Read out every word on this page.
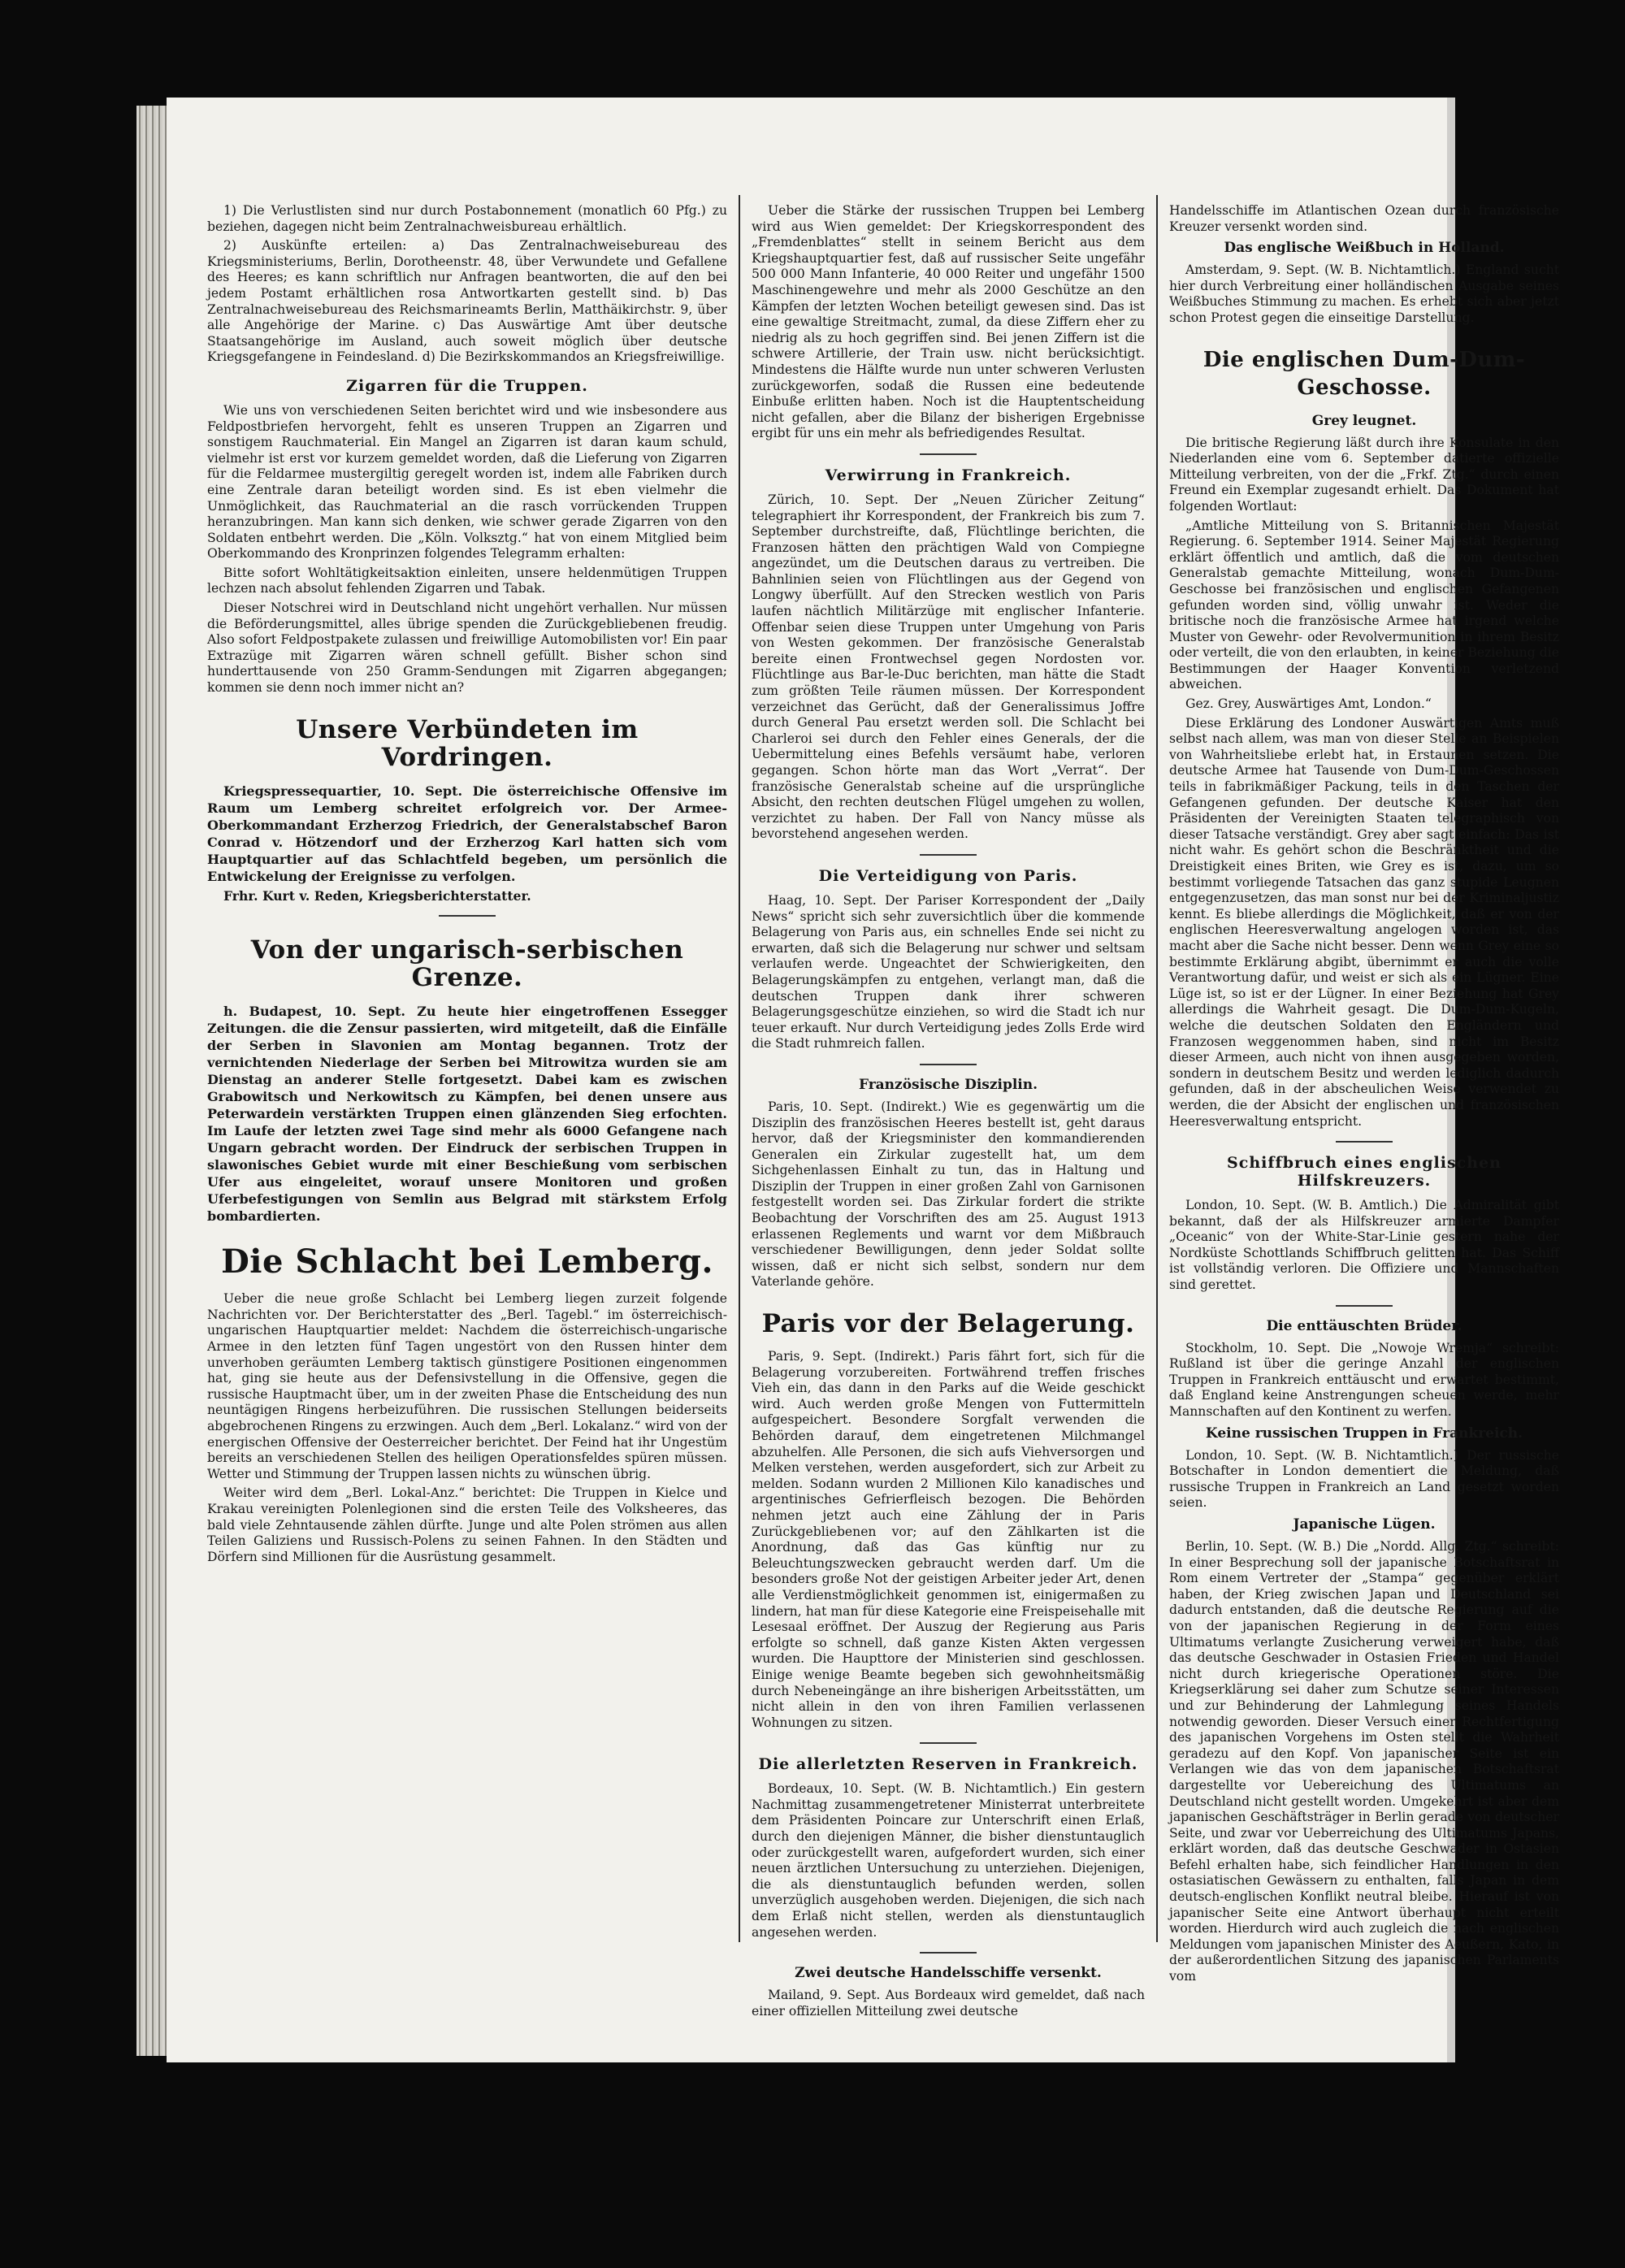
1) Die Verlustlisten sind nur durch Postabonnement (monatlich 60 Pfg.) zu beziehen, dagegen nicht beim Zentralnachweisbureau erhältlich.

2) Auskünfte erteilen: a) Das Zentralnachweisebureau des Kriegsministeriums, Berlin, Dorotheenstr. 48, über Verwundete und Gefallene des Heeres; es kann schriftlich nur Anfragen beantworten, die auf den bei jedem Postamt erhältlichen rosa Antwortkarten gestellt sind. b) Das Zentralnachweisebureau des Reichsmarineamts Berlin, Matthäikirchstr. 9, über alle Angehörige der Marine. c) Das Auswärtige Amt über deutsche Staatsangehörige im Ausland, auch soweit möglich über deutsche Kriegsgefangene in Feindesland. d) Die Bezirkskommandos an Kriegsfreiwillige.

Zigarren für die Truppen.

Wie uns von verschiedenen Seiten berichtet wird und wie insbesondere aus Feldpostbriefen hervorgeht, fehlt es unseren Truppen an Zigarren und sonstigem Rauchmaterial. Ein Mangel an Zigarren ist daran kaum schuld, vielmehr ist erst vor kurzem gemeldet worden, daß die Lieferung von Zigarren für die Feldarmee mustergiltig geregelt worden ist, indem alle Fabriken durch eine Zentrale daran beteiligt worden sind. Es ist eben vielmehr die Unmöglichkeit, das Rauchmaterial an die rasch vorrückenden Truppen heranzubringen. Man kann sich denken, wie schwer gerade Zigarren von den Soldaten entbehrt werden. Die „Köln. Volksztg.“ hat von einem Mitglied beim Oberkommando des Kronprinzen folgendes Telegramm erhalten:

Bitte sofort Wohltätigkeitsaktion einleiten, unsere heldenmütigen Truppen lechzen nach absolut fehlenden Zigarren und Tabak.

Dieser Notschrei wird in Deutschland nicht ungehört verhallen. Nur müssen die Beförderungsmittel, alles übrige spenden die Zurückgebliebenen freudig. Also sofort Feldpostpakete zulassen und freiwillige Automobilisten vor! Ein paar Extrazüge mit Zigarren wären schnell gefüllt. Bisher schon sind hunderttausende von 250 Gramm-Sendungen mit Zigarren abgegangen; kommen sie denn noch immer nicht an?

Unsere Verbündeten im Vordringen.

Kriegspressequartier, 10. Sept. Die österreichische Offensive im Raum um Lemberg schreitet erfolgreich vor. Der Armee-Oberkommandant Erzherzog Friedrich, der Generalstabschef Baron Conrad v. Hötzendorf und der Erzherzog Karl hatten sich vom Hauptquartier auf das Schlachtfeld begeben, um persönlich die Entwickelung der Ereignisse zu verfolgen.

Frhr. Kurt v. Reden, Kriegsberichterstatter.

Von der ungarisch-serbischen Grenze.

h. Budapest, 10. Sept. Zu heute hier eingetroffenen Essegger Zeitungen. die die Zensur passierten, wird mitgeteilt, daß die Einfälle der Serben in Slavonien am Montag begannen. Trotz der vernichtenden Niederlage der Serben bei Mitrowitza wurden sie am Dienstag an anderer Stelle fortgesetzt. Dabei kam es zwischen Grabowitsch und Nerkowitsch zu Kämpfen, bei denen unsere aus Peterwardein verstärkten Truppen einen glänzenden Sieg erfochten. Im Laufe der letzten zwei Tage sind mehr als 6000 Gefangene nach Ungarn gebracht worden. Der Eindruck der serbischen Truppen in slawonisches Gebiet wurde mit einer Beschießung vom serbischen Ufer aus eingeleitet, worauf unsere Monitoren und großen Uferbefestigungen von Semlin aus Belgrad mit stärkstem Erfolg bombardierten.

Die Schlacht bei Lemberg.

Ueber die neue große Schlacht bei Lemberg liegen zurzeit folgende Nachrichten vor. Der Berichterstatter des „Berl. Tagebl.“ im österreichisch-ungarischen Hauptquartier meldet: Nachdem die österreichisch-ungarische Armee in den letzten fünf Tagen ungestört von den Russen hinter dem unverhoben geräumten Lemberg taktisch günstigere Positionen eingenommen hat, ging sie heute aus der Defensivstellung in die Offensive, gegen die russische Hauptmacht über, um in der zweiten Phase die Entscheidung des nun neuntägigen Ringens herbeizuführen. Die russischen Stellungen beiderseits abgebrochenen Ringens zu erzwingen. Auch dem „Berl. Lokalanz.“ wird von der energischen Offensive der Oesterreicher berichtet. Der Feind hat ihr Ungestüm bereits an verschiedenen Stellen des heiligen Operationsfeldes spüren müssen. Wetter und Stimmung der Truppen lassen nichts zu wünschen übrig.

Weiter wird dem „Berl. Lokal-Anz.“ berichtet: Die Truppen in Kielce und Krakau vereinigten Polenlegionen sind die ersten Teile des Volksheeres, das bald viele Zehntausende zählen dürfte. Junge und alte Polen strömen aus allen Teilen Galiziens und Russisch-Polens zu seinen Fahnen. In den Städten und Dörfern sind Millionen für die Ausrüstung gesammelt.

Ueber die Stärke der russischen Truppen bei Lemberg wird aus Wien gemeldet: Der Kriegskorrespondent des „Fremdenblattes“ stellt in seinem Bericht aus dem Kriegshauptquartier fest, daß auf russischer Seite ungefähr 500 000 Mann Infanterie, 40 000 Reiter und ungefähr 1500 Maschinengewehre und mehr als 2000 Geschütze an den Kämpfen der letzten Wochen beteiligt gewesen sind. Das ist eine gewaltige Streitmacht, zumal, da diese Ziffern eher zu niedrig als zu hoch gegriffen sind. Bei jenen Ziffern ist die schwere Artillerie, der Train usw. nicht berücksichtigt. Mindestens die Hälfte wurde nun unter schweren Verlusten zurückgeworfen, sodaß die Russen eine bedeutende Einbuße erlitten haben. Noch ist die Hauptentscheidung nicht gefallen, aber die Bilanz der bisherigen Ergebnisse ergibt für uns ein mehr als befriedigendes Resultat.

Verwirrung in Frankreich.

Zürich, 10. Sept. Der „Neuen Züricher Zeitung“ telegraphiert ihr Korrespondent, der Frankreich bis zum 7. September durchstreifte, daß, Flüchtlinge berichten, die Franzosen hätten den prächtigen Wald von Compiegne angezündet, um die Deutschen daraus zu vertreiben. Die Bahnlinien seien von Flüchtlingen aus der Gegend von Longwy überfüllt. Auf den Strecken westlich von Paris laufen nächtlich Militärzüge mit englischer Infanterie. Offenbar seien diese Truppen unter Umgehung von Paris von Westen gekommen. Der französische Generalstab bereite einen Frontwechsel gegen Nordosten vor. Flüchtlinge aus Bar-le-Duc berichten, man hätte die Stadt zum größten Teile räumen müssen. Der Korrespondent verzeichnet das Gerücht, daß der Generalissimus Joffre durch General Pau ersetzt werden soll. Die Schlacht bei Charleroi sei durch den Fehler eines Generals, der die Uebermittelung eines Befehls versäumt habe, verloren gegangen. Schon hörte man das Wort „Verrat“. Der französische Generalstab scheine auf die ursprüngliche Absicht, den rechten deutschen Flügel umgehen zu wollen, verzichtet zu haben. Der Fall von Nancy müsse als bevorstehend angesehen werden.

Die Verteidigung von Paris.

Haag, 10. Sept. Der Pariser Korrespondent der „Daily News“ spricht sich sehr zuversichtlich über die kommende Belagerung von Paris aus, ein schnelles Ende sei nicht zu erwarten, daß sich die Belagerung nur schwer und seltsam verlaufen werde. Ungeachtet der Schwierigkeiten, den Belagerungskämpfen zu entgehen, verlangt man, daß die deutschen Truppen dank ihrer schweren Belagerungsgeschütze einziehen, so wird die Stadt ich nur teuer erkauft. Nur durch Verteidigung jedes Zolls Erde wird die Stadt ruhmreich fallen.

Französische Disziplin.

Paris, 10. Sept. (Indirekt.) Wie es gegenwärtig um die Disziplin des französischen Heeres bestellt ist, geht daraus hervor, daß der Kriegsminister den kommandierenden Generalen ein Zirkular zugestellt hat, um dem Sichgehenlassen Einhalt zu tun, das in Haltung und Disziplin der Truppen in einer großen Zahl von Garnisonen festgestellt worden sei. Das Zirkular fordert die strikte Beobachtung der Vorschriften des am 25. August 1913 erlassenen Reglements und warnt vor dem Mißbrauch verschiedener Bewilligungen, denn jeder Soldat sollte wissen, daß er nicht sich selbst, sondern nur dem Vaterlande gehöre.

Paris vor der Belagerung.

Paris, 9. Sept. (Indirekt.) Paris fährt fort, sich für die Belagerung vorzubereiten. Fortwährend treffen frisches Vieh ein, das dann in den Parks auf die Weide geschickt wird. Auch werden große Mengen von Futtermitteln aufgespeichert. Besondere Sorgfalt verwenden die Behörden darauf, dem eingetretenen Milchmangel abzuhelfen. Alle Personen, die sich aufs Viehversorgen und Melken verstehen, werden ausgefordert, sich zur Arbeit zu melden. Sodann wurden 2 Millionen Kilo kanadisches und argentinisches Gefrierfleisch bezogen. Die Behörden nehmen jetzt auch eine Zählung der in Paris Zurückgebliebenen vor; auf den Zählkarten ist die Anordnung, daß das Gas künftig nur zu Beleuchtungszwecken gebraucht werden darf. Um die besonders große Not der geistigen Arbeiter jeder Art, denen alle Verdienstmöglichkeit genommen ist, einigermaßen zu lindern, hat man für diese Kategorie eine Freispeisehalle mit Lesesaal eröffnet. Der Auszug der Regierung aus Paris erfolgte so schnell, daß ganze Kisten Akten vergessen wurden. Die Haupttore der Ministerien sind geschlossen. Einige wenige Beamte begeben sich gewohnheitsmäßig durch Nebeneingänge an ihre bisherigen Arbeitsstätten, um nicht allein in den von ihren Familien verlassenen Wohnungen zu sitzen.

Die allerletzten Reserven in Frankreich.

Bordeaux, 10. Sept. (W. B. Nichtamtlich.) Ein gestern Nachmittag zusammengetretener Ministerrat unterbreitete dem Präsidenten Poincare zur Unterschrift einen Erlaß, durch den diejenigen Männer, die bisher dienstuntauglich oder zurückgestellt waren, aufgefordert wurden, sich einer neuen ärztlichen Untersuchung zu unterziehen. Diejenigen, die als dienstuntauglich befunden werden, sollen unverzüglich ausgehoben werden. Diejenigen, die sich nach dem Erlaß nicht stellen, werden als dienstuntauglich angesehen werden.

Zwei deutsche Handelsschiffe versenkt.

Mailand, 9. Sept. Aus Bordeaux wird gemeldet, daß nach einer offiziellen Mitteilung zwei deutsche

Handelsschiffe im Atlantischen Ozean durch französische Kreuzer versenkt worden sind.

Das englische Weißbuch in Holland.

Amsterdam, 9. Sept. (W. B. Nichtamtlich.) England sucht hier durch Verbreitung einer holländischen Ausgabe seines Weißbuches Stimmung zu machen. Es erhebt sich aber jetzt schon Protest gegen die einseitige Darstellung.

Die englischen Dum-Dum-Geschosse.
Grey leugnet.

Die britische Regierung läßt durch ihre Konsulate in den Niederlanden eine vom 6. September datierte offizielle Mitteilung verbreiten, von der die „Frkf. Ztg.“ durch einen Freund ein Exemplar zugesandt erhielt. Das Dokument hat folgenden Wortlaut:

„Amtliche Mitteilung von S. Britannischen Majestät Regierung. 6. September 1914. Seiner Majestät Regierung erklärt öffentlich und amtlich, daß die vom deutschen Generalstab gemachte Mitteilung, wonach Dum-Dum-Geschosse bei französischen und englischen Gefangenen gefunden worden sind, völlig unwahr ist. Weder die britische noch die französische Armee hat irgend welche Muster von Gewehr- oder Revolvermunition in ihrem Besitz oder verteilt, die von den erlaubten, in keiner Beziehung die Bestimmungen der Haager Konvention verletzend abweichen.

Gez. Grey, Auswärtiges Amt, London.“

Diese Erklärung des Londoner Auswärtigen Amts muß selbst nach allem, was man von dieser Stelle an Beispielen von Wahrheitsliebe erlebt hat, in Erstaunen setzen. Die deutsche Armee hat Tausende von Dum-Dum-Geschossen teils in fabrikmäßiger Packung, teils in den Taschen der Gefangenen gefunden. Der deutsche Kaiser hat den Präsidenten der Vereinigten Staaten telegraphisch von dieser Tatsache verständigt. Grey aber sagt einfach: Das ist nicht wahr. Es gehört schon die Beschränktheit und die Dreistigkeit eines Briten, wie Grey es ist, dazu, um so bestimmt vorliegende Tatsachen das ganz stupide Leugnen entgegenzusetzen, das man sonst nur bei der Kriminaljustiz kennt. Es bliebe allerdings die Möglichkeit, daß er von der englischen Heeresverwaltung angelogen worden ist, das macht aber die Sache nicht besser. Denn wenn Grey eine so bestimmte Erklärung abgibt, übernimmt er auch die volle Verantwortung dafür, und weist er sich als ein Lügner. Eine Lüge ist, so ist er der Lügner. In einer Beziehung hat Grey allerdings die Wahrheit gesagt. Die Dum-Dum-Kugeln, welche die deutschen Soldaten den Engländern und Franzosen weggenommen haben, sind nicht im Besitz dieser Armeen, auch nicht von ihnen ausgegeben worden, sondern in deutschem Besitz und werden lediglich dadurch gefunden, daß in der abscheulichen Weise verwendet zu werden, die der Absicht der englischen und französischen Heeresverwaltung entspricht.

Schiffbruch eines englischen Hilfskreuzers.

London, 10. Sept. (W. B. Amtlich.) Die Admiralität gibt bekannt, daß der als Hilfskreuzer armierte Dampfer „Oceanic“ von der White-Star-Linie gestern nahe der Nordküste Schottlands Schiffbruch gelitten hat. Das Schiff ist vollständig verloren. Die Offiziere und Mannschaften sind gerettet.

Die enttäuschten Brüder.

Stockholm, 10. Sept. Die „Nowoje Wremja“ schreibt: Rußland ist über die geringe Anzahl der englischen Truppen in Frankreich enttäuscht und erwartet bestimmt, daß England keine Anstrengungen scheuen werde, mehr Mannschaften auf den Kontinent zu werfen.

Keine russischen Truppen in Frankreich.

London, 10. Sept. (W. B. Nichtamtlich.) Der russische Botschafter in London dementiert die Meldung, daß russische Truppen in Frankreich an Land gesetzt worden seien.

Japanische Lügen.

Berlin, 10. Sept. (W. B.) Die „Nordd. Allg. Ztg.“ schreibt: In einer Besprechung soll der japanische Botschaftsrat in Rom einem Vertreter der „Stampa“ gegenüber erklärt haben, der Krieg zwischen Japan und Deutschland sei dadurch entstanden, daß die deutsche Regierung auf die von der japanischen Regierung in der Form eines Ultimatums verlangte Zusicherung verweigert habe, daß das deutsche Geschwader in Ostasien Frieden und Handel nicht durch kriegerische Operationen störe. Die Kriegserklärung sei daher zum Schutze seiner Interessen und zur Behinderung der Lahmlegung seines Handels notwendig geworden. Dieser Versuch einer Rechtfertigung des japanischen Vorgehens im Osten stellt die Wahrheit geradezu auf den Kopf. Von japanischer Seite ist ein Verlangen wie das von dem japanischen Botschaftsrat dargestellte vor Uebereichung des Ultimatums an Deutschland nicht gestellt worden. Umgekehrt ist aber dem japanischen Geschäftsträger in Berlin gerade von deutscher Seite, und zwar vor Ueberreichung des Ultimatums Japans, erklärt worden, daß das deutsche Geschwader in Ostasien Befehl erhalten habe, sich feindlicher Handlungen in den ostasiatischen Gewässern zu enthalten, falls Japan in dem deutsch-englischen Konflikt neutral bleibe. Hierauf ist von japanischer Seite eine Antwort überhaupt nicht erteilt worden. Hierdurch wird auch zugleich die nach englischen Meldungen vom japanischen Minister des Aeußern, Kato, in der außerordentlichen Sitzung des japanischen Parlaments vom
